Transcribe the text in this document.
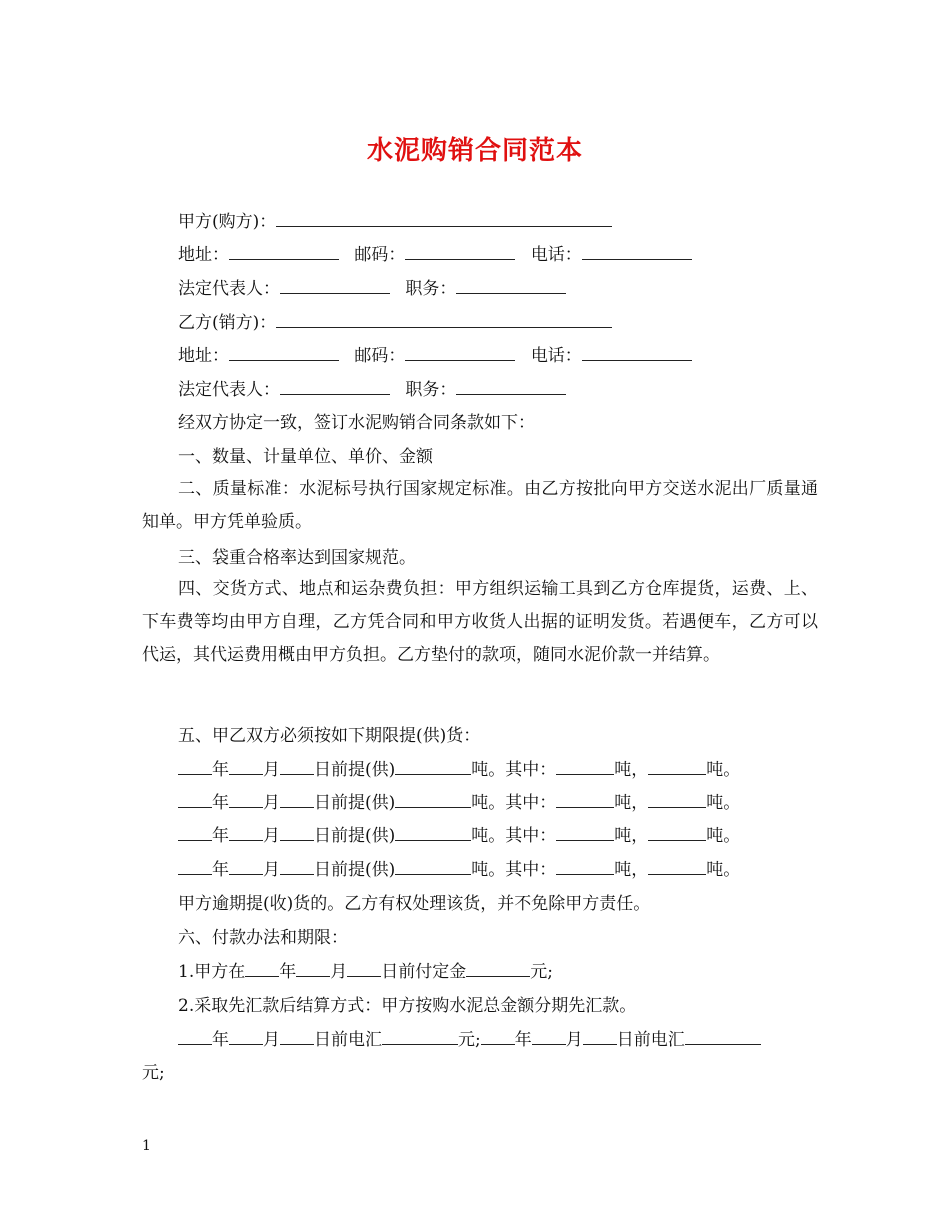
水泥购销合同范本
甲方(购方)：
地址：	邮码：	电话：
法定代表人：	职务：
乙方(销方)：
地址：	邮码：	电话：
法定代表人：	职务：
经双方协定一致，签订水泥购销合同条款如下：
一、数量、计量单位、单价、金额
二、质量标准：水泥标号执行国家规定标准。由乙方按批向甲方交送水泥出厂质量通知单。甲方凭单验质。
三、袋重合格率达到国家规范。
四、交货方式、地点和运杂费负担：甲方组织运输工具到乙方仓库提货，运费、上、下车费等均由甲方自理，乙方凭合同和甲方收货人出据的证明发货。若遇便车，乙方可以代运，其代运费用概由甲方负担。乙方垫付的款项，随同水泥价款一并结算。
五、甲乙双方必须按如下期限提(供)货：
年 月 日前提(供)	吨。其中：	吨，	吨。
年 月 日前提(供)	吨。其中：	吨，	吨。
年 月 日前提(供)	吨。其中：	吨，	吨。
年 月 日前提(供)	吨。其中：	吨，	吨。
甲方逾期提(收)货的。乙方有权处理该货，并不免除甲方责任。
六、付款办法和期限：
1.甲方在 年 月 日前付定金	元;
2.采取先汇款后结算方式：甲方按购水泥总金额分期先汇款。
年 月 日前电汇	元; 年 月 日前电汇
元;
1
